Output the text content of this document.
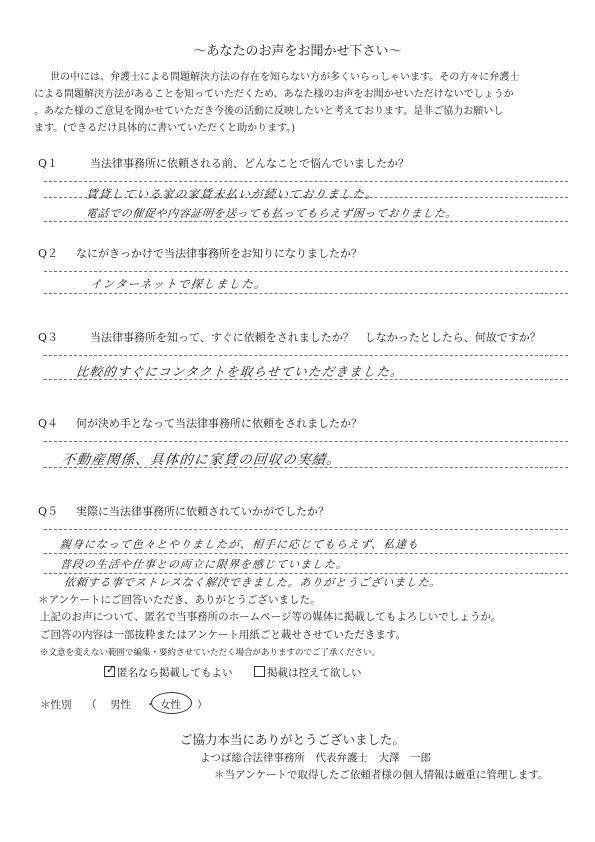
～あなたのお声をお聞かせ下さい～
世の中には、弁護士による問題解決方法の存在を知らない方が多くいらっしゃいます。その方々に弁護士
による問題解決方法があることを知っていただくため、あなた様のお声をお聞かせいただけないでしょうか
。あなた様のご意見を聞かせていただき今後の活動に反映したいと考えております。是非ご協力お願いし
ます。(できるだけ具体的に書いていただくと助かります。)
Q１	当法律事務所に依頼される前、どんなことで悩んでいましたか？
賃貸している家の家賃未払いが続いておりました。
電話での催促や内容証明を送っても払ってもらえず困っておりました。
Q２ なにがきっかけで当法律事務所をお知りになりましたか？
インターネットで探しました。
Q３	当法律事務所を知って、すぐに依頼をされましたか？　しなかったとしたら、何故ですか？
比較的すぐにコンタクトを取らせていただきました。
Q４ 何が決め手となって当法律事務所に依頼をされましたか？
不動産関係、具体的に家賃の回収の実績。
Q５ 実際に当法律事務所に依頼されていかがでしたか？
親身になって色々とやりましたが、相手に応じてもらえず、私達も
普段の生活や仕事との両立に限界を感じていました。
依頼する事でストレスなく解決できました。ありがとうございました。
＊アンケートにご回答いただき、ありがとうございました。
上記のお声について、匿名で当事務所のホームページ等の媒体に掲載してもよろしいでしょうか。
ご回答の内容は一部抜粋またはアンケート用紙ごと載せさせていただきます。
※文意を変えない範囲で編集・要約させていただく場合がありますのでご了承ください。
✓ 匿名なら掲載してもよい	掲載は控えて欲しい
＊性別 （ 男性 ・ 女性 ）
ご協力本当にありがとうございました。
よつば総合法律事務所　代表弁護士　大澤　一郎
＊当アンケートで取得したご依頼者様の個人情報は厳重に管理します。
